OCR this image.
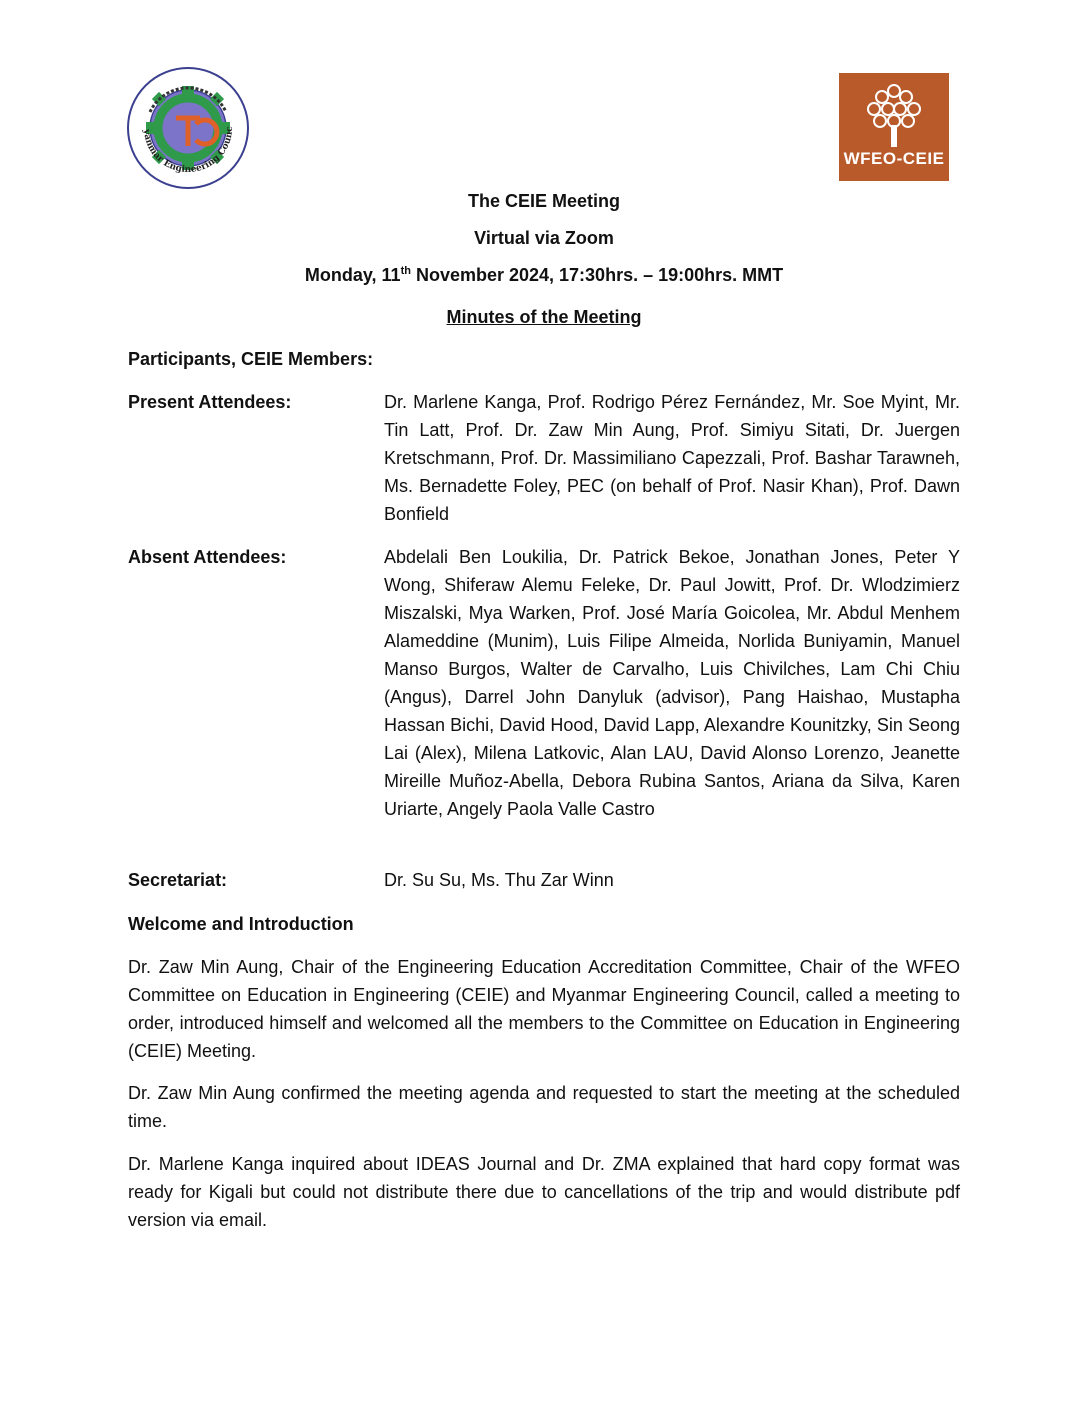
yanmar Engineering Counc
WFEO-CEIE
The CEIE Meeting
Virtual via Zoom
Monday, 11th November 2024, 17:30hrs. – 19:00hrs. MMT
Minutes of the Meeting
Participants, CEIE Members:
Present Attendees:	Dr. Marlene Kanga, Prof. Rodrigo Pérez Fernández, Mr. Soe Myint, Mr. Tin Latt, Prof. Dr. Zaw Min Aung, Prof. Simiyu Sitati, Dr. Juergen Kretschmann, Prof. Dr. Massimiliano Capezzali, Prof. Bashar Tarawneh, Ms. Bernadette Foley, PEC (on behalf of Prof. Nasir Khan), Prof. Dawn Bonfield
Absent Attendees:	Abdelali Ben Loukilia, Dr. Patrick Bekoe, Jonathan Jones, Peter Y Wong, Shiferaw Alemu Feleke, Dr. Paul Jowitt, Prof. Dr. Wlodzimierz Miszalski, Mya Warken, Prof. José María Goicolea, Mr. Abdul Menhem Alameddine (Munim), Luis Filipe Almeida, Norlida Buniyamin, Manuel Manso Burgos, Walter de Carvalho, Luis Chivilches, Lam Chi Chiu (Angus), Darrel John Danyluk (advisor), Pang Haishao, Mustapha Hassan Bichi, David Hood, David Lapp, Alexandre Kounitzky, Sin Seong Lai (Alex), Milena Latkovic, Alan LAU, David Alonso Lorenzo, Jeanette Mireille Muñoz-Abella, Debora Rubina Santos, Ariana da Silva, Karen Uriarte, Angely Paola Valle Castro
Secretariat:	Dr. Su Su, Ms. Thu Zar Winn
Welcome and Introduction
Dr. Zaw Min Aung, Chair of the Engineering Education Accreditation Committee, Chair of the WFEO Committee on Education in Engineering (CEIE) and Myanmar Engineering Council, called a meeting to order, introduced himself and welcomed all the members to the Committee on Education in Engineering (CEIE) Meeting.
Dr. Zaw Min Aung confirmed the meeting agenda and requested to start the meeting at the scheduled time.
Dr. Marlene Kanga inquired about IDEAS Journal and Dr. ZMA explained that hard copy format was ready for Kigali but could not distribute there due to cancellations of the trip and would distribute pdf version via email.
